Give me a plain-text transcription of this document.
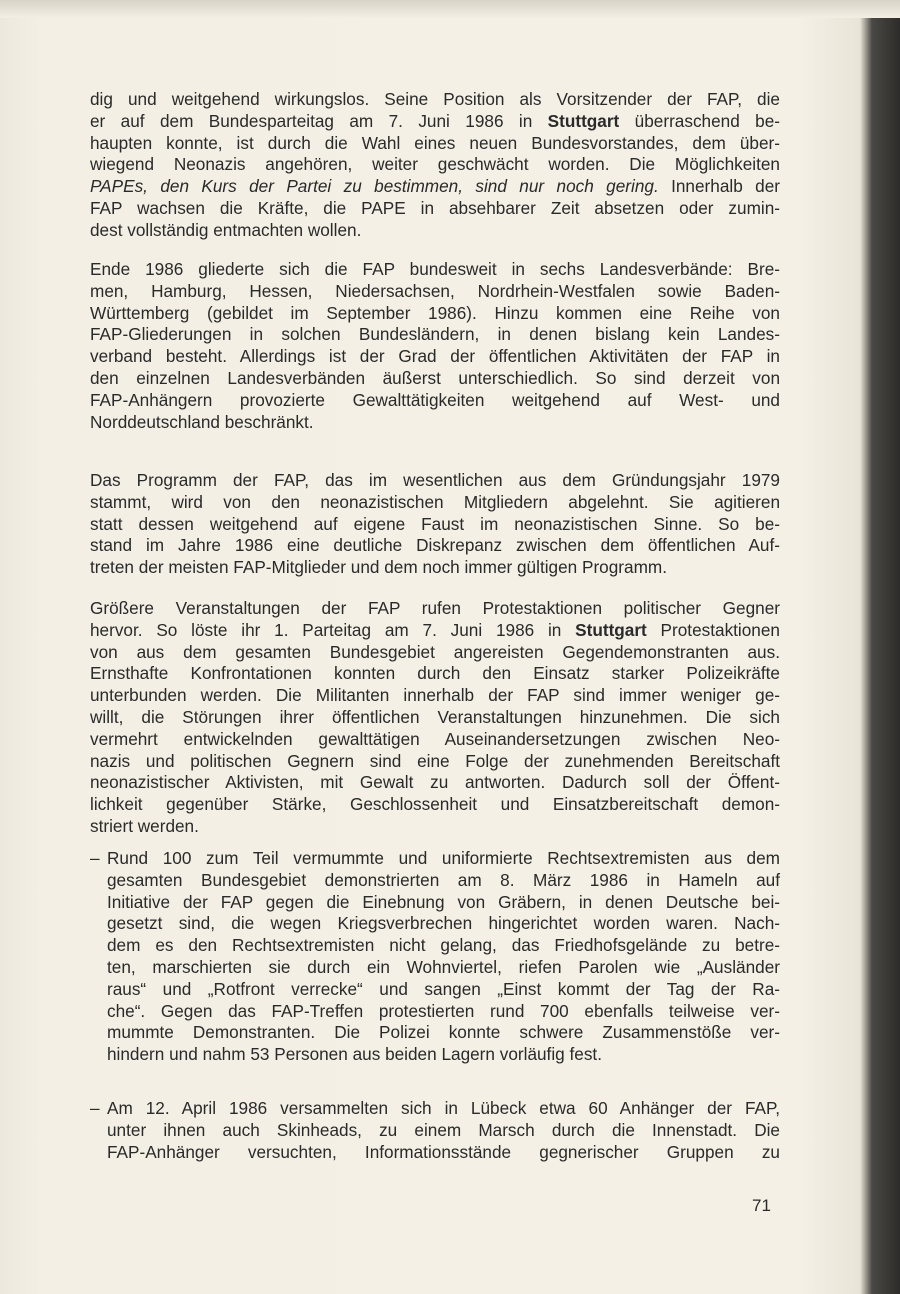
dig und weitgehend wirkungslos. Seine Position als Vorsitzender der FAP, die
er auf dem Bundesparteitag am 7. Juni 1986 in Stuttgart überraschend be-
haupten konnte, ist durch die Wahl eines neuen Bundesvorstandes, dem über-
wiegend Neonazis angehören, weiter geschwächt worden. Die Möglichkeiten
PAPEs, den Kurs der Partei zu bestimmen, sind nur noch gering. Innerhalb der
FAP wachsen die Kräfte, die PAPE in absehbarer Zeit absetzen oder zumin-
dest vollständig entmachten wollen.
Ende 1986 gliederte sich die FAP bundesweit in sechs Landesverbände: Bre-
men, Hamburg, Hessen, Niedersachsen, Nordrhein-Westfalen sowie Baden-
Württemberg (gebildet im September 1986). Hinzu kommen eine Reihe von
FAP-Gliederungen in solchen Bundesländern, in denen bislang kein Landes-
verband besteht. Allerdings ist der Grad der öffentlichen Aktivitäten der FAP in
den einzelnen Landesverbänden äußerst unterschiedlich. So sind derzeit von
FAP-Anhängern provozierte Gewalttätigkeiten weitgehend auf West- und
Norddeutschland beschränkt.
Das Programm der FAP, das im wesentlichen aus dem Gründungsjahr 1979
stammt, wird von den neonazistischen Mitgliedern abgelehnt. Sie agitieren
statt dessen weitgehend auf eigene Faust im neonazistischen Sinne. So be-
stand im Jahre 1986 eine deutliche Diskrepanz zwischen dem öffentlichen Auf-
treten der meisten FAP-Mitglieder und dem noch immer gültigen Programm.
Größere Veranstaltungen der FAP rufen Protestaktionen politischer Gegner
hervor. So löste ihr 1. Parteitag am 7. Juni 1986 in Stuttgart Protestaktionen
von aus dem gesamten Bundesgebiet angereisten Gegendemonstranten aus.
Ernsthafte Konfrontationen konnten durch den Einsatz starker Polizeikräfte
unterbunden werden. Die Militanten innerhalb der FAP sind immer weniger ge-
willt, die Störungen ihrer öffentlichen Veranstaltungen hinzunehmen. Die sich
vermehrt entwickelnden gewalttätigen Auseinandersetzungen zwischen Neo-
nazis und politischen Gegnern sind eine Folge der zunehmenden Bereitschaft
neonazistischer Aktivisten, mit Gewalt zu antworten. Dadurch soll der Öffent-
lichkeit gegenüber Stärke, Geschlossenheit und Einsatzbereitschaft demon-
striert werden.
– Rund 100 zum Teil vermummte und uniformierte Rechtsextremisten aus dem
gesamten Bundesgebiet demonstrierten am 8. März 1986 in Hameln auf
Initiative der FAP gegen die Einebnung von Gräbern, in denen Deutsche bei-
gesetzt sind, die wegen Kriegsverbrechen hingerichtet worden waren. Nach-
dem es den Rechtsextremisten nicht gelang, das Friedhofsgelände zu betre-
ten, marschierten sie durch ein Wohnviertel, riefen Parolen wie „Ausländer
raus“ und „Rotfront verrecke“ und sangen „Einst kommt der Tag der Ra-
che“. Gegen das FAP-Treffen protestierten rund 700 ebenfalls teilweise ver-
mummte Demonstranten. Die Polizei konnte schwere Zusammenstöße ver-
hindern und nahm 53 Personen aus beiden Lagern vorläufig fest.
– Am 12. April 1986 versammelten sich in Lübeck etwa 60 Anhänger der FAP,
unter ihnen auch Skinheads, zu einem Marsch durch die Innenstadt. Die
FAP-Anhänger versuchten, Informationsstände gegnerischer Gruppen zu
71
